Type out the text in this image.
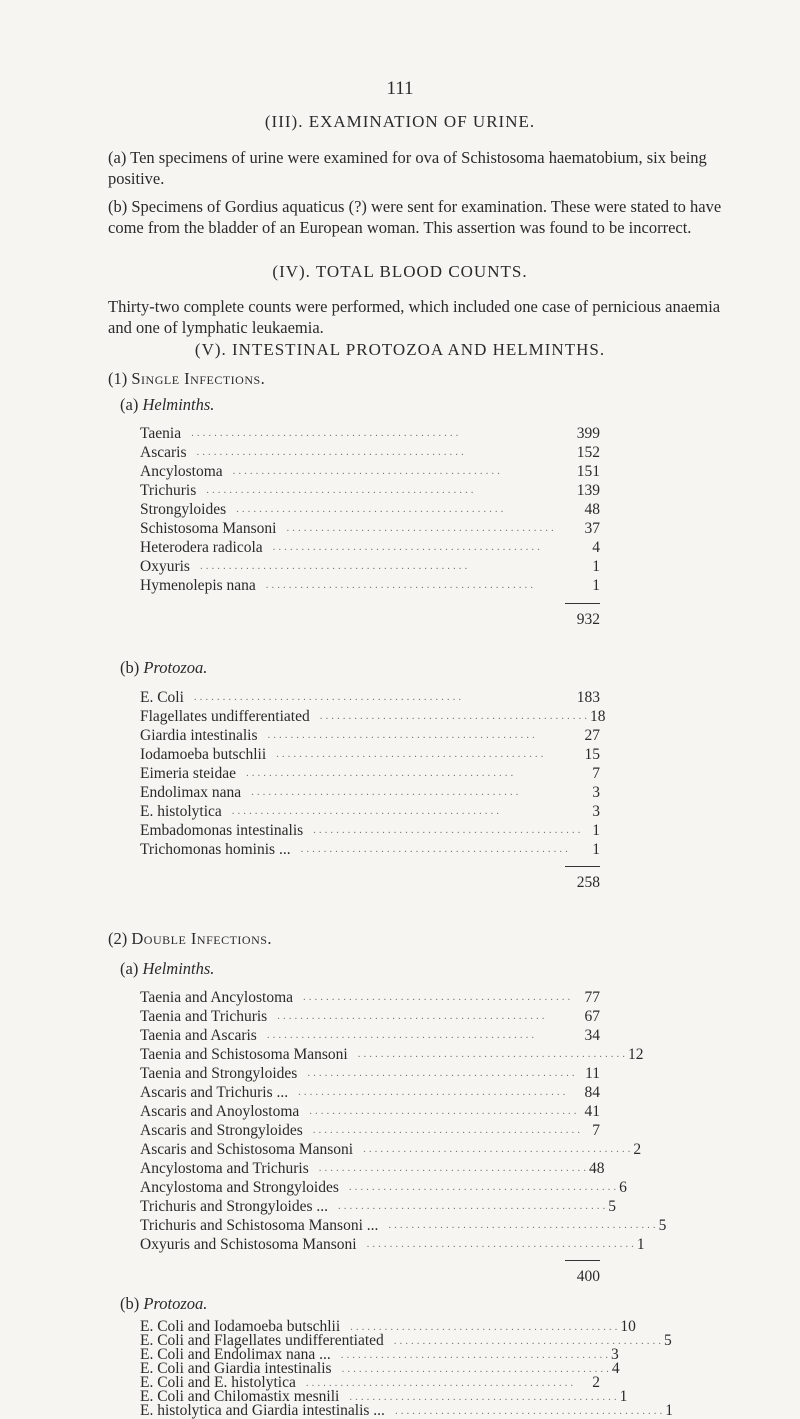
111
(III). EXAMINATION OF URINE.
(a) Ten specimens of urine were examined for ova of Schistosoma haematobium, six being positive.
(b) Specimens of Gordius aquaticus (?) were sent for examination. These were stated to have come from the bladder of an European woman. This assertion was found to be incorrect.
(IV). TOTAL BLOOD COUNTS.
Thirty-two complete counts were performed, which included one case of pernicious anaemia and one of lymphatic leukaemia.
(V). INTESTINAL PROTOZOA AND HELMINTHS.
(1) Single Infections.
(a) Helminths.
Taenia ...............................................	399
Ascaris ...............................................	152
Ancylostoma ...............................................	151
Trichuris ...............................................	139
Strongyloides ...............................................	48
Schistosoma Mansoni ...............................................	37
Heterodera radicola ...............................................	4
Oxyuris ...............................................	1
Hymenolepis nana ...............................................	1
932
(b) Protozoa.
E. Coli ...............................................	183
Flagellates undifferentiated ............................................... 18
Giardia intestinalis ...............................................	27
Iodamoeba butschlii ...............................................	15
Eimeria steidae ...............................................	7
Endolimax nana ...............................................	3
E. histolytica ...............................................	3
Embadomonas intestinalis ............................................... 1
Trichomonas hominis ... ...............................................	1
258
(2) Double Infections.
(a) Helminths.
Taenia and Ancylostoma ............................................... 77
Taenia and Trichuris ...............................................	67
Taenia and Ascaris ...............................................	34
Taenia and Schistosoma Mansoni ............................................... 12
Taenia and Strongyloides ............................................... 11
Ascaris and Trichuris ... ...............................................	84
Ascaris and Anoylostoma ............................................... 41
Ascaris and Strongyloides ............................................... 7
Ascaris and Schistosoma Mansoni ............................................... 2
Ancylostoma and Trichuris ............................................... 48
Ancylostoma and Strongyloides ............................................... 6
Trichuris and Strongyloides ... ............................................... 5
Trichuris and Schistosoma Mansoni ... ............................................... 5
Oxyuris and Schistosoma Mansoni ............................................... 1
400
(b) Protozoa.
E. Coli and Iodamoeba butschlii ............................................... 10
E. Coli and Flagellates undifferentiated ............................................... 5
E. Coli and Endolimax nana ... ............................................... 3
E. Coli and Giardia intestinalis ............................................... 4
E. Coli and E. histolytica ...............................................	2
E. Coli and Chilomastix mesnili ............................................... 1
E. histolytica and Giardia intestinalis ... ............................................... 1
